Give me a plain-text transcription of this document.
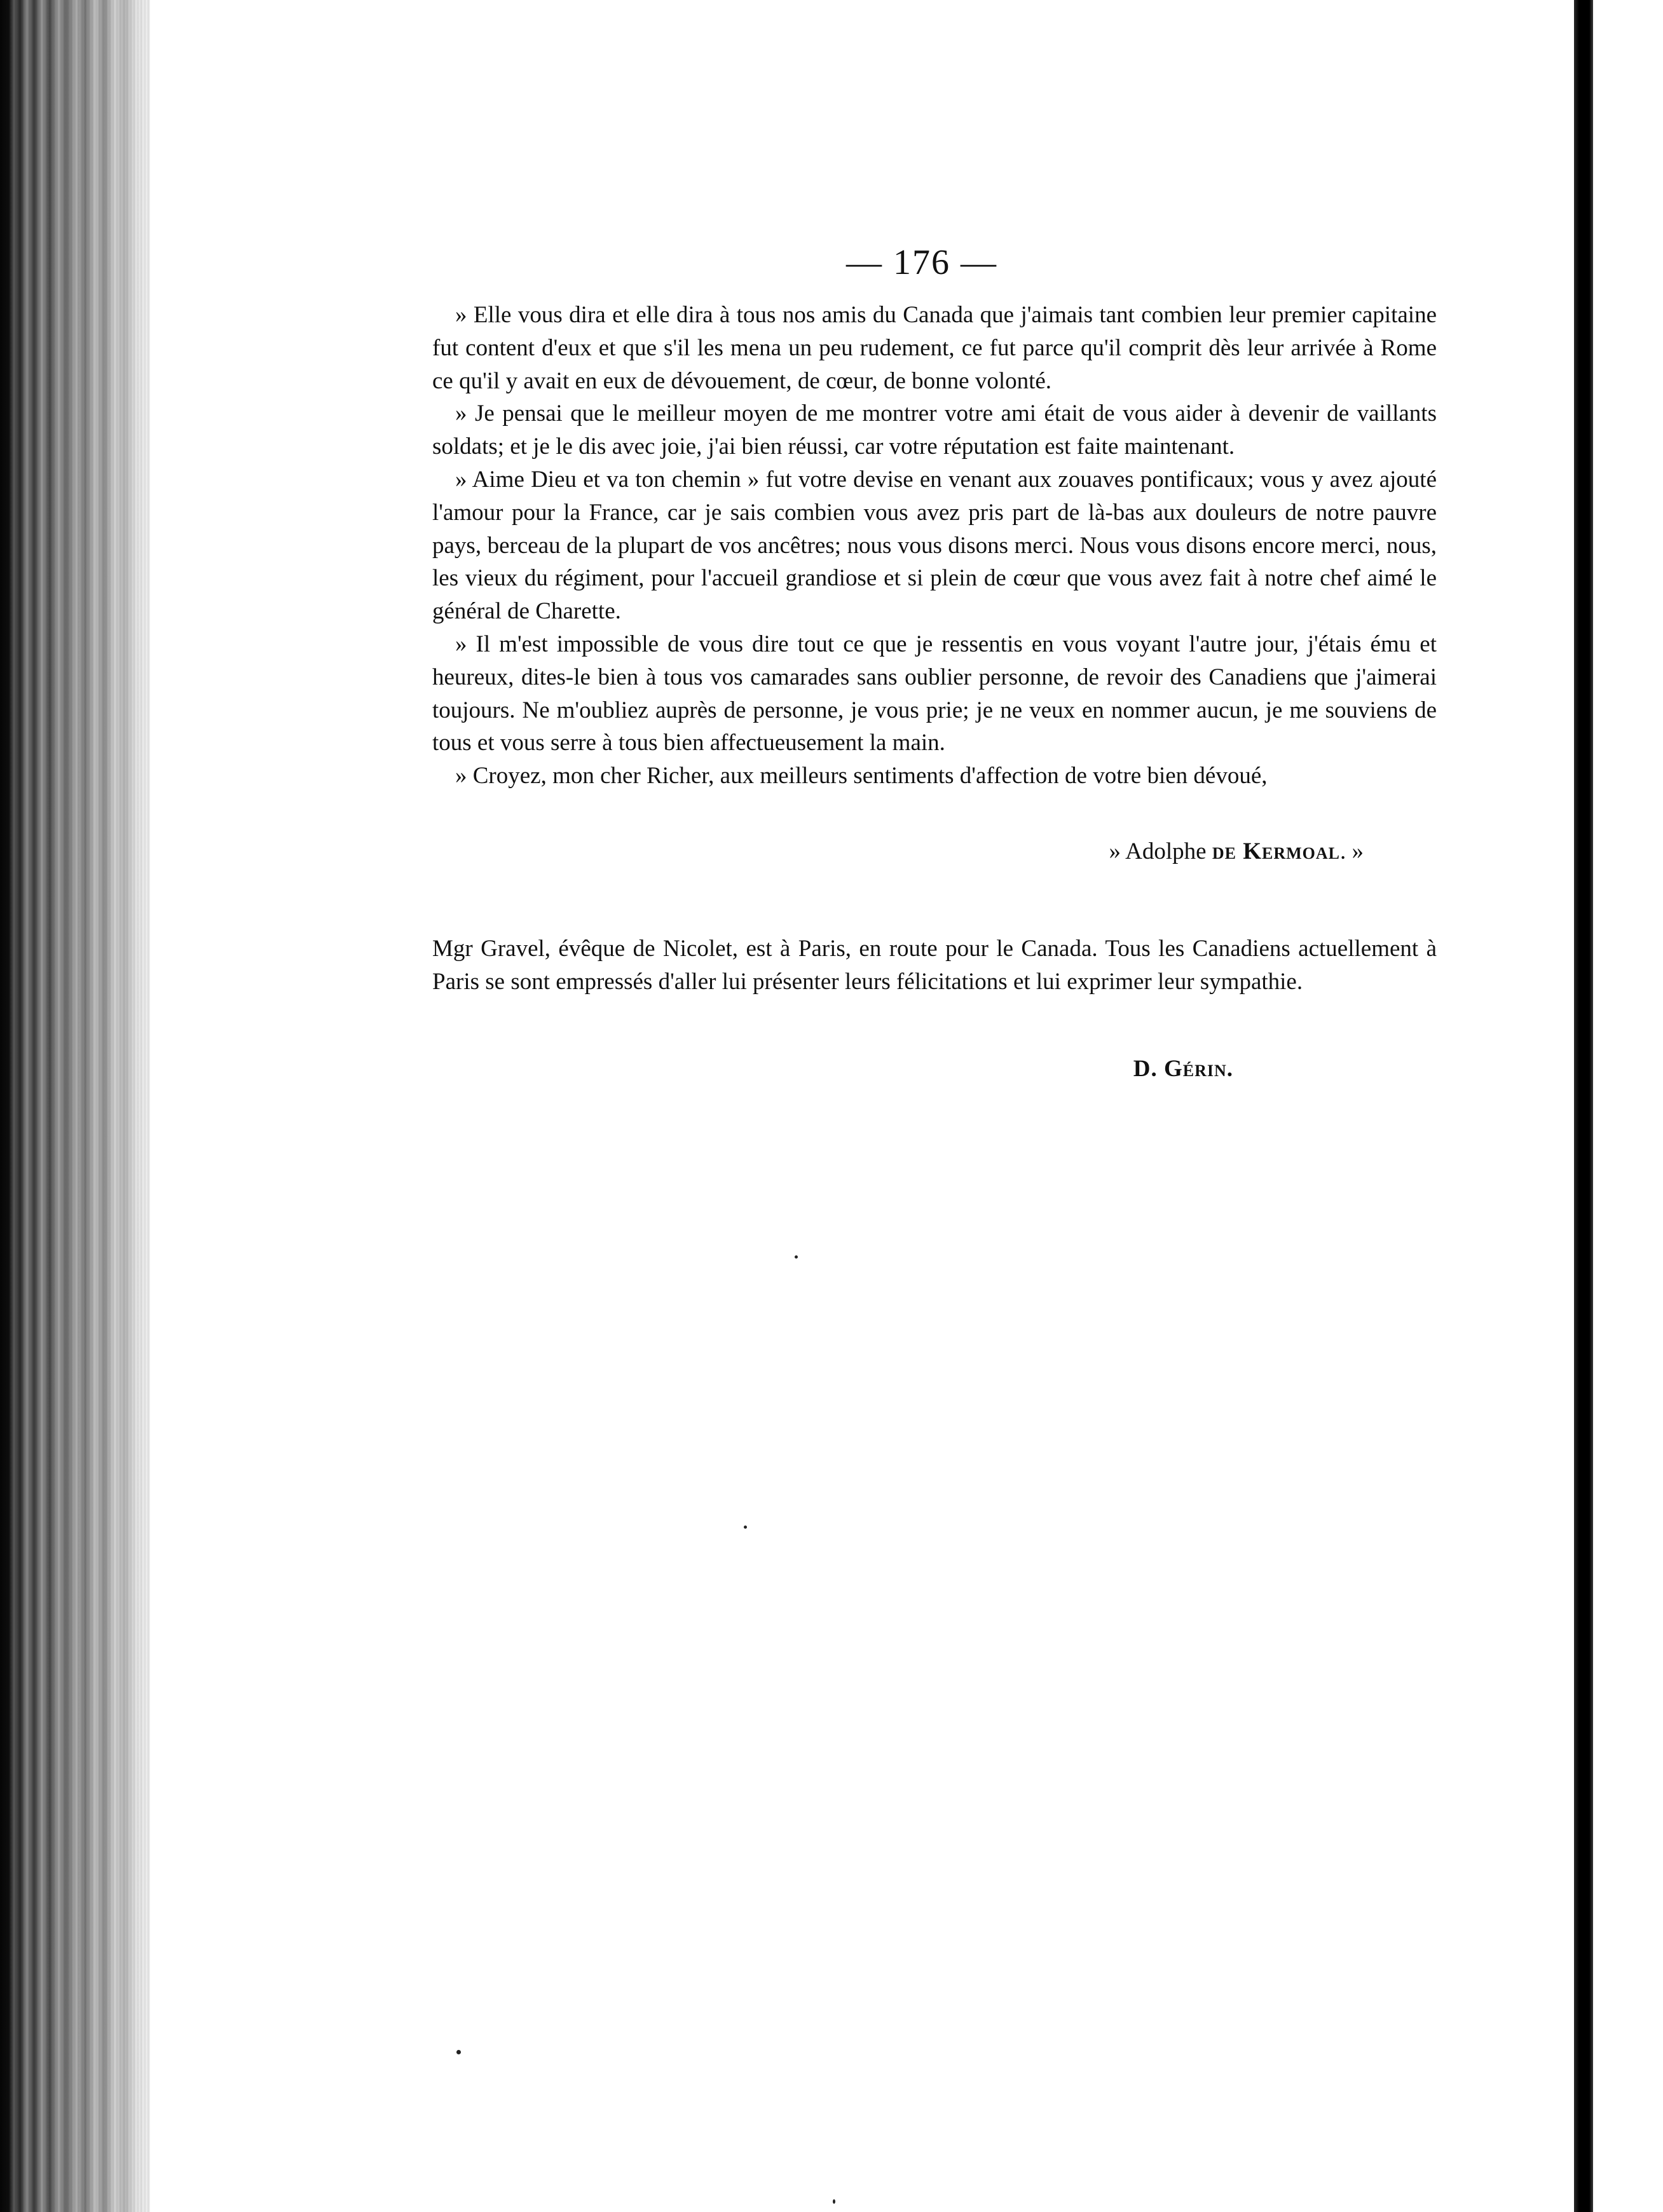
— 176 —

» Elle vous dira et elle dira à tous nos amis du Canada que j'aimais tant combien leur premier capitaine fut content d'eux et que s'il les mena un peu rudement, ce fut parce qu'il comprit dès leur arrivée à Rome ce qu'il y avait en eux de dévouement, de cœur, de bonne volonté.

» Je pensai que le meilleur moyen de me montrer votre ami était de vous aider à devenir de vaillants soldats; et je le dis avec joie, j'ai bien réussi, car votre réputation est faite maintenant.

» Aime Dieu et va ton chemin » fut votre devise en venant aux zouaves pontificaux; vous y avez ajouté l'amour pour la France, car je sais combien vous avez pris part de là-bas aux douleurs de notre pauvre pays, berceau de la plupart de vos ancêtres; nous vous disons merci. Nous vous disons encore merci, nous, les vieux du régiment, pour l'accueil grandiose et si plein de cœur que vous avez fait à notre chef aimé le général de Charette.

» Il m'est impossible de vous dire tout ce que je ressentis en vous voyant l'autre jour, j'étais ému et heureux, dites-le bien à tous vos camarades sans oublier personne, de revoir des Canadiens que j'aimerai toujours. Ne m'oubliez auprès de personne, je vous prie; je ne veux en nommer aucun, je me souviens de tous et vous serre à tous bien affectueusement la main.

» Croyez, mon cher Richer, aux meilleurs sentiments d'affection de votre bien dévoué,

» Adolphe de Kermoal. »

Mgr Gravel, évêque de Nicolet, est à Paris, en route pour le Canada. Tous les Canadiens actuellement à Paris se sont empressés d'aller lui présenter leurs félicitations et lui exprimer leur sympathie.

D. Gérin.
